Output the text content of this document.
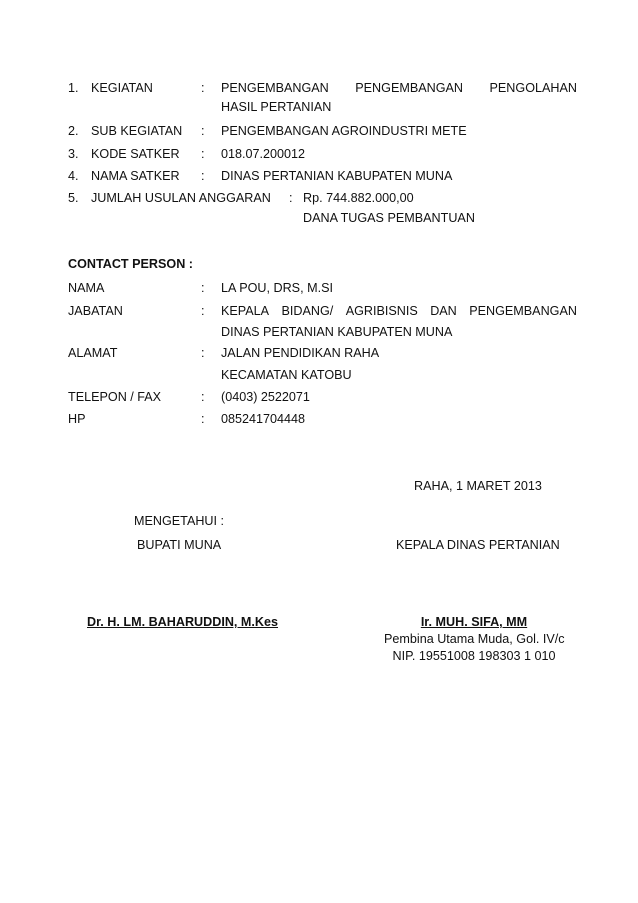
1. KEGIATAN	: PENGEMBANGAN PENGEMBANGAN PENGOLAHAN
HASIL PERTANIAN
2. SUB KEGIATAN : PENGEMBANGAN AGROINDUSTRI METE
3. KODE SATKER : 018.07.200012
4. NAMA SATKER : DINAS PERTANIAN KABUPATEN MUNA
5. JUMLAH USULAN ANGGARAN : Rp. 744.882.000,00
DANA TUGAS PEMBANTUAN
CONTACT PERSON :
NAMA	: LA POU, DRS, M.SI
JABATAN	: KEPALA BIDANG/ AGRIBISNIS DAN PENGEMBANGAN
DINAS PERTANIAN KABUPATEN MUNA
ALAMAT	: JALAN PENDIDIKAN RAHA
KECAMATAN KATOBU
TELEPON / FAX	: (0403) 2522071
HP	: 085241704448
RAHA, 1 MARET 2013
MENGETAHUI :
BUPATI MUNA	KEPALA DINAS PERTANIAN
Dr. H. LM. BAHARUDDIN, M.Kes	Ir. MUH. SIFA, MM
Pembina Utama Muda, Gol. IV/c
NIP. 19551008 198303 1 010
